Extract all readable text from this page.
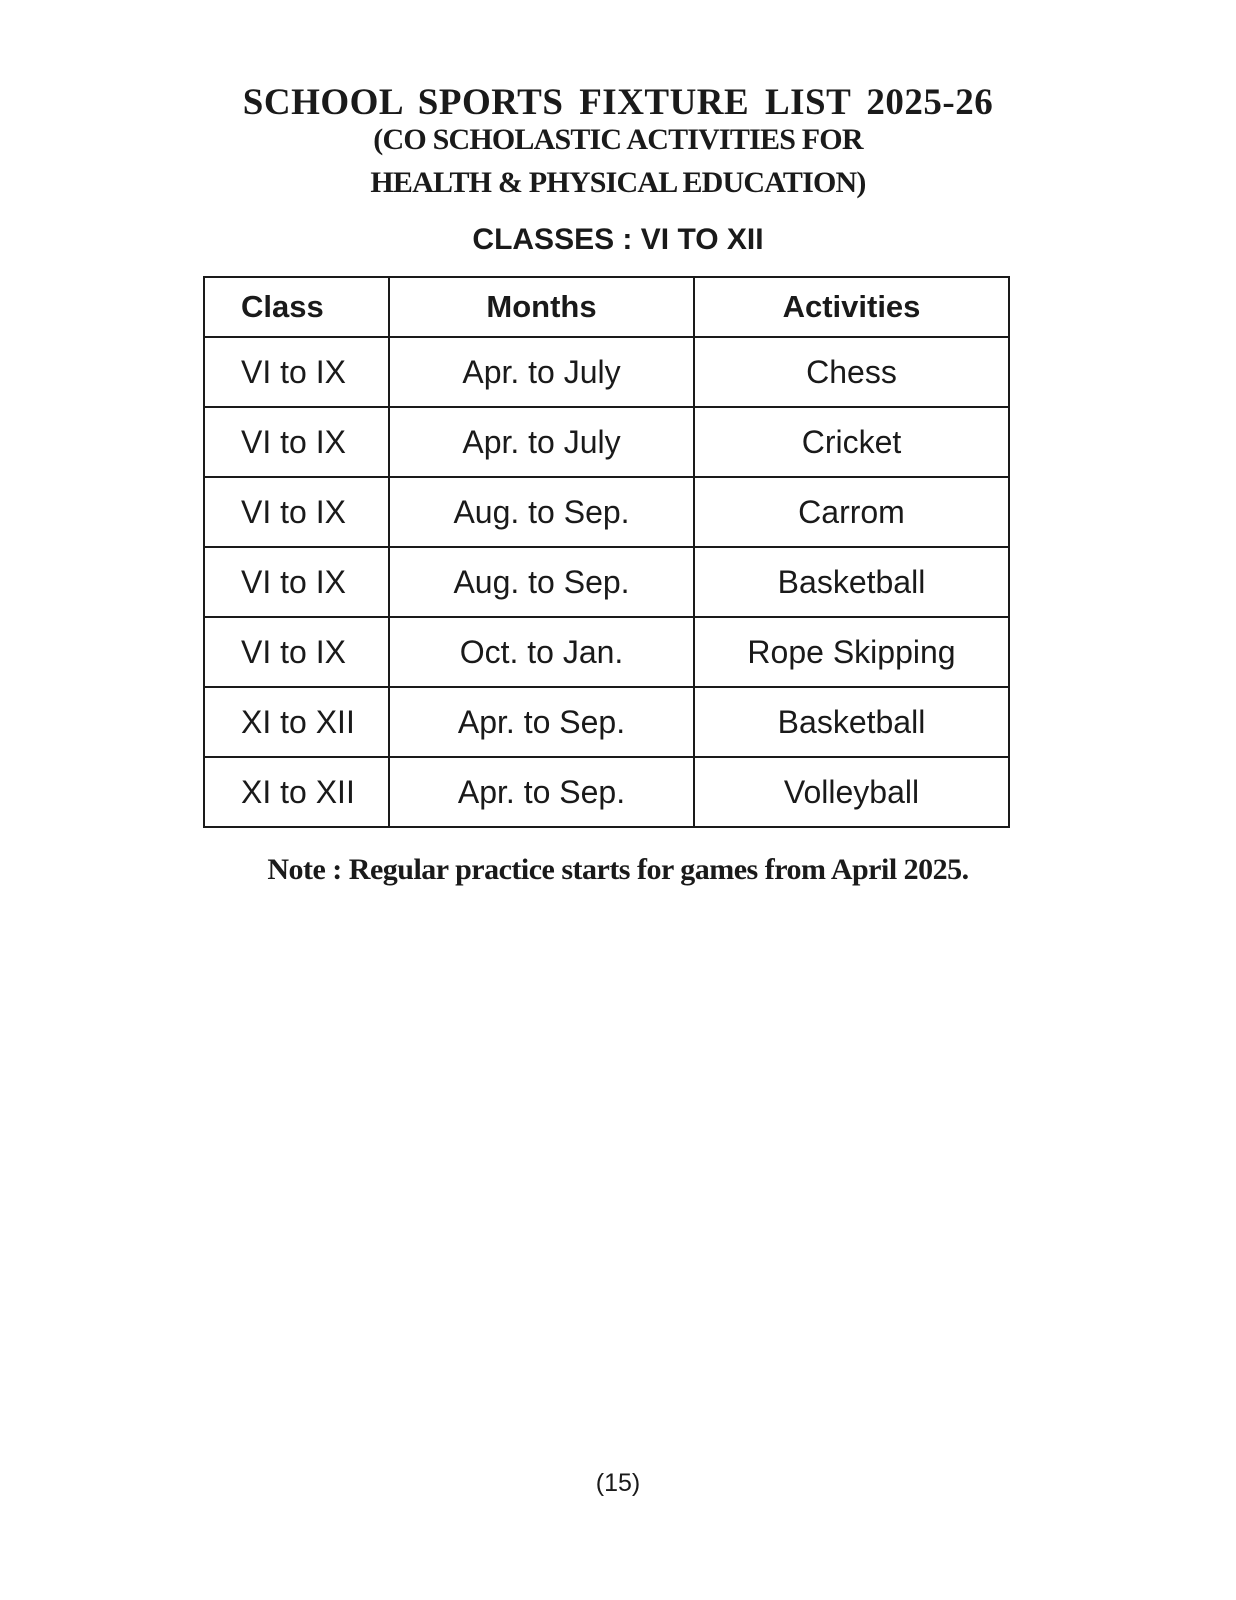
SCHOOL SPORTS FIXTURE LIST 2025-26
(CO SCHOLASTIC ACTIVITIES FOR
HEALTH & PHYSICAL EDUCATION)
CLASSES : VI TO XII
Class	Months	Activities
VI to IX	Apr. to July	Chess
VI to IX	Apr. to July	Cricket
VI to IX	Aug. to Sep.	Carrom
VI to IX	Aug. to Sep.	Basketball
VI to IX	Oct. to Jan.	Rope Skipping
XI to XII	Apr. to Sep.	Basketball
XI to XII	Apr. to Sep.	Volleyball
Note : Regular practice starts for games from April 2025.
(15)
